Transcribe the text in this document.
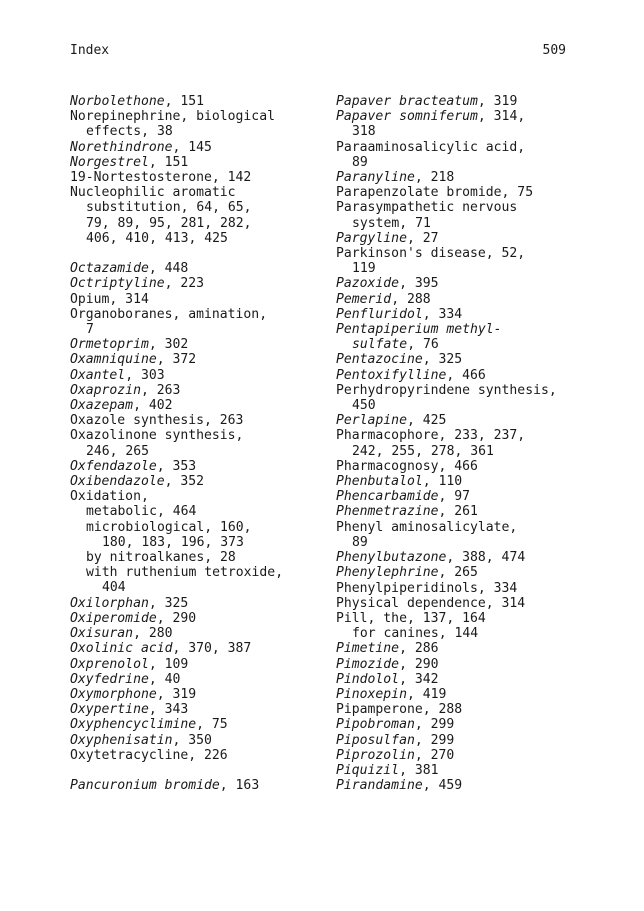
Index	509
Norbolethone, 151
Norepinephrine, biological
effects, 38
Norethindrone, 145
Norgestrel, 151
19-Nortestosterone, 142
Nucleophilic aromatic
substitution, 64, 65,
79, 89, 95, 281, 282,
406, 410, 413, 425
Octazamide, 448
Octriptyline, 223
Opium, 314
Organoboranes, amination,
7
Ormetoprim, 302
Oxamniquine, 372
Oxantel, 303
Oxaprozin, 263
Oxazepam, 402
Oxazole synthesis, 263
Oxazolinone synthesis,
246, 265
Oxfendazole, 353
Oxibendazole, 352
Oxidation,
metabolic, 464
microbiological, 160,
180, 183, 196, 373
by nitroalkanes, 28
with ruthenium tetroxide,
404
Oxilorphan, 325
Oxiperomide, 290
Oxisuran, 280
Oxolinic acid, 370, 387
Oxprenolol, 109
Oxyfedrine, 40
Oxymorphone, 319
Oxypertine, 343
Oxyphencyclimine, 75
Oxyphenisatin, 350
Oxytetracycline, 226
Pancuronium bromide, 163
Papaver bracteatum, 319
Papaver somniferum, 314,
318
Paraaminosalicylic acid,
89
Paranyline, 218
Parapenzolate bromide, 75
Parasympathetic nervous
system, 71
Pargyline, 27
Parkinson's disease, 52,
119
Pazoxide, 395
Pemerid, 288
Penfluridol, 334
Pentapiperium methyl-
sulfate, 76
Pentazocine, 325
Pentoxifylline, 466
Perhydropyrindene synthesis,
450
Perlapine, 425
Pharmacophore, 233, 237,
242, 255, 278, 361
Pharmacognosy, 466
Phenbutalol, 110
Phencarbamide, 97
Phenmetrazine, 261
Phenyl aminosalicylate,
89
Phenylbutazone, 388, 474
Phenylephrine, 265
Phenylpiperidinols, 334
Physical dependence, 314
Pill, the, 137, 164
for canines, 144
Pimetine, 286
Pimozide, 290
Pindolol, 342
Pinoxepin, 419
Pipamperone, 288
Pipobroman, 299
Piposulfan, 299
Piprozolin, 270
Piquizil, 381
Pirandamine, 459
